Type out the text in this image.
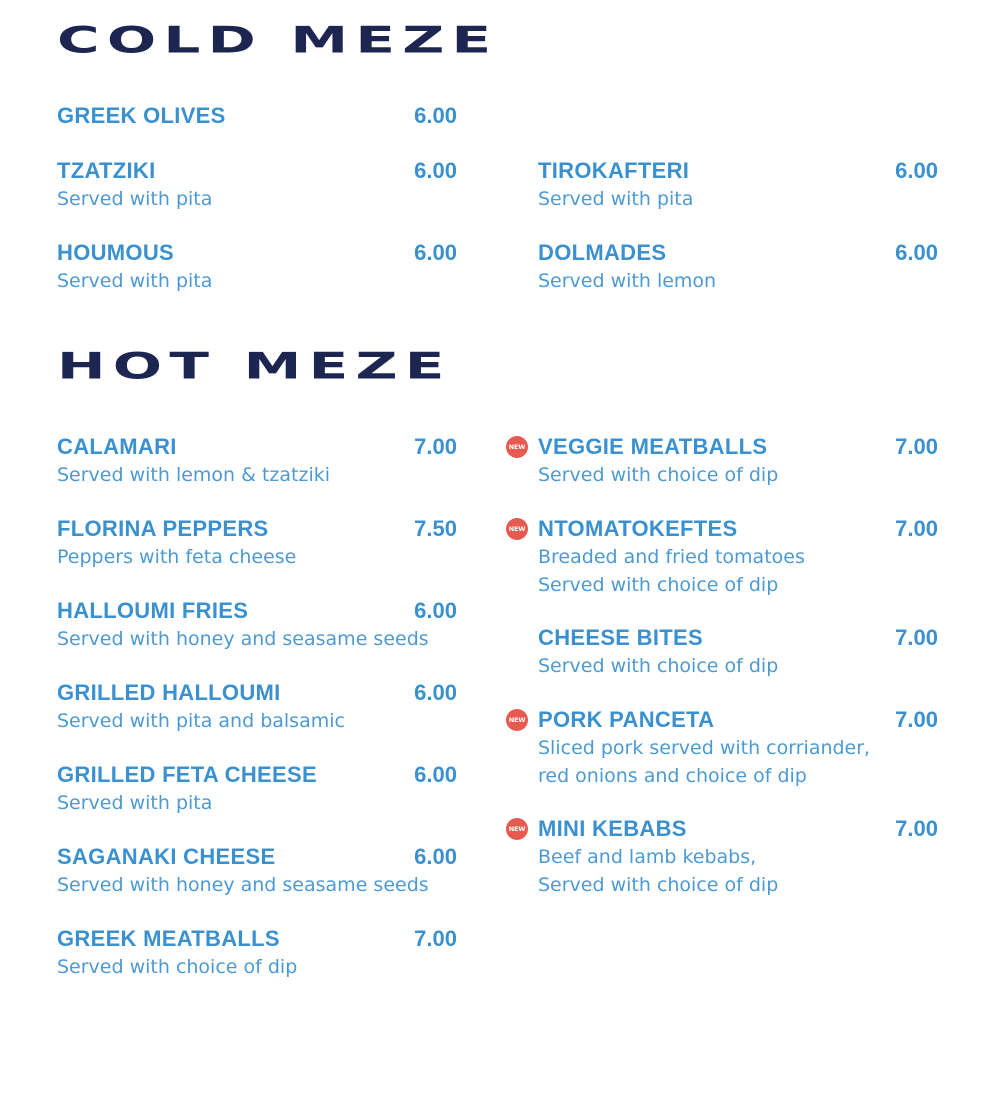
COLD MEZE
GREEK OLIVES	6.00
TZATZIKI	6.00
Served with pita
TIROKAFTERI	6.00
Served with pita
HOUMOUS	6.00
Served with pita
DOLMADES	6.00
Served with lemon
HOT MEZE
CALAMARI	7.00
Served with lemon & tzatziki
FLORINA PEPPERS	7.50
Peppers with feta cheese
HALLOUMI FRIES	6.00
Served with honey and seasame seeds
GRILLED HALLOUMI	6.00
Served with pita and balsamic
GRILLED FETA CHEESE	6.00
Served with pita
SAGANAKI CHEESE	6.00
Served with honey and seasame seeds
GREEK MEATBALLS	7.00
Served with choice of dip
NEW VEGGIE MEATBALLS	7.00
Served with choice of dip
NEW NTOMATOKEFTES	7.00
Breaded and fried tomatoes
Served with choice of dip
CHEESE BITES	7.00
Served with choice of dip
NEW PORK PANCETA	7.00
Sliced pork served with corriander,
red onions and choice of dip
NEW MINI KEBABS	7.00
Beef and lamb kebabs,
Served with choice of dip
